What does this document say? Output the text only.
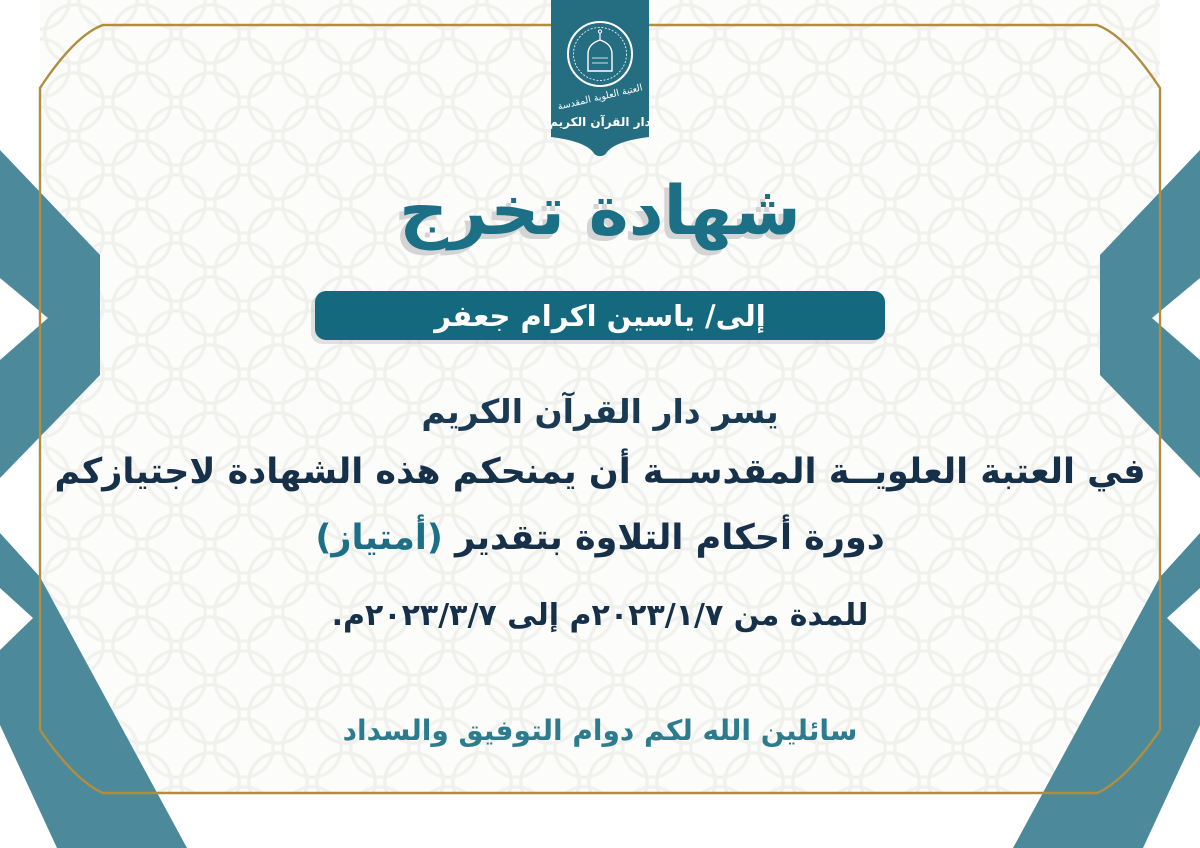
العتبة العلوية المقدسة
دار القرآن الكريم
شهادة تخرج
إلى/ ياسين اكرام جعفر
يسر دار القرآن الكريم
في العتبة العلويــة المقدســة أن يمنحكم هذه الشهادة لاجتيازكم
دورة أحكام التلاوة بتقدير (أمتياز)
للمدة من ٢٠٢٣/١/٧م إلى ٢٠٢٣/٣/٧م.
سائلين الله لكم دوام التوفيق والسداد
